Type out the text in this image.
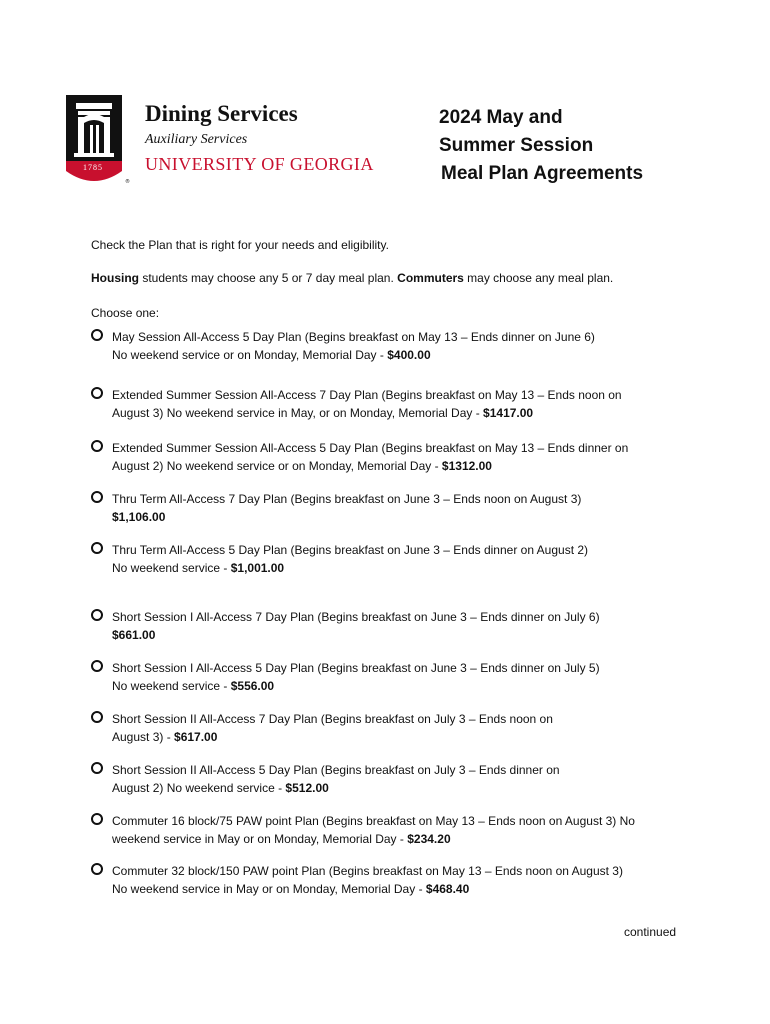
®
1785
Dining Services
Auxiliary Services
UNIVERSITY OF GEORGIA
2024 May and
Summer Session
Meal Plan Agreements

Check the Plan that is right for your needs and eligibility.

Housing students may choose any 5 or 7 day meal plan. Commuters may choose any meal plan.

Choose one:
May Session All-Access 5 Day Plan (Begins breakfast on May 13 – Ends dinner on June 6)
No weekend service or on Monday, Memorial Day - $400.00
Extended Summer Session All-Access 7 Day Plan (Begins breakfast on May 13 – Ends noon on
August 3) No weekend service in May, or on Monday, Memorial Day - $1417.00
Extended Summer Session All-Access 5 Day Plan (Begins breakfast on May 13 – Ends dinner on
August 2) No weekend service or on Monday, Memorial Day - $1312.00
Thru Term All-Access 7 Day Plan (Begins breakfast on June 3 – Ends noon on August 3)
$1,106.00
Thru Term All-Access 5 Day Plan (Begins breakfast on June 3 – Ends dinner on August 2)
No weekend service - $1,001.00
Short Session I All-Access 7 Day Plan (Begins breakfast on June 3 – Ends dinner on July 6)
$661.00
Short Session I All-Access 5 Day Plan (Begins breakfast on June 3 – Ends dinner on July 5)
No weekend service - $556.00
Short Session II All-Access 7 Day Plan (Begins breakfast on July 3 – Ends noon on
August 3) - $617.00
Short Session II All-Access 5 Day Plan (Begins breakfast on July 3 – Ends dinner on
August 2) No weekend service - $512.00
Commuter 16 block/75 PAW point Plan (Begins breakfast on May 13 – Ends noon on August 3) No
weekend service in May or on Monday, Memorial Day - $234.20
Commuter 32 block/150 PAW point Plan (Begins breakfast on May 13 – Ends noon on August 3)
No weekend service in May or on Monday, Memorial Day - $468.40
continued
